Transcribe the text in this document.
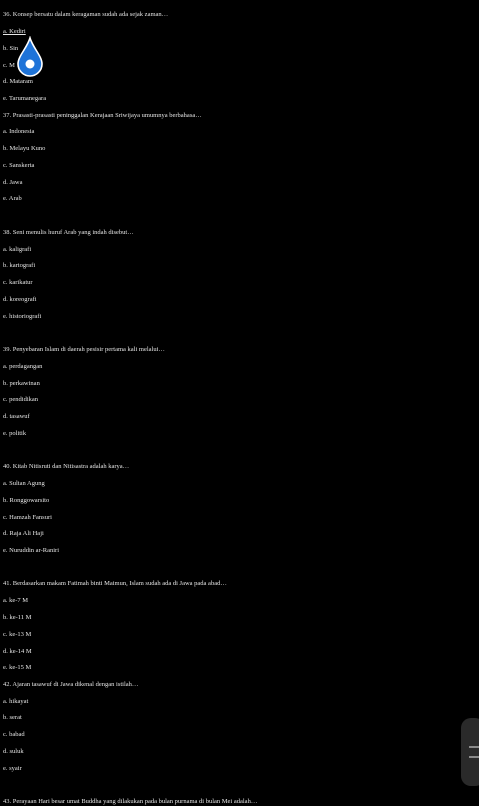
36. Konsep bersatu dalam keragaman sudah ada sejak zaman…
a. Kediri
b. Sin
c. M
d. Mataram
e. Tarumanegara
37. Prasasti-prasasti peninggalan Kerajaan Sriwijaya umumnya berbahasa…
a. Indonesia
b. Melayu Kuno
c. Sanskerta
d. Jawa
e. Arab
38. Seni menulis huruf Arab yang indah disebut…
a. kaligrafi
b. kartografi
c. karikatur
d. koreografi
e. historiografi
39. Penyebaran Islam di daerah pesisir pertama kali melalui…
a. perdagangan
b. perkawinan
c. pendidikan
d. tasawuf
e. politik
40. Kitab Nitisruti dan Nitisastra adalah karya…
a. Sultan Agung
b. Ronggowarsito
c. Hamzah Fansuri
d. Raja Ali Haji
e. Nuruddin ar-Raniri
41. Berdasarkan makam Fatimah binti Maimun, Islam sudah ada di Jawa pada abad…
a. ke-7 M
b. ke-11 M
c. ke-13 M
d. ke-14 M
e. ke-15 M
42. Ajaran tasawuf di Jawa dikenal dengan istilah…
a. hikayat
b. serat
c. babad
d. suluk
e. syair
43. Perayaan Hari besar umat Buddha yang dilakukan pada bulan purnama di bulan Mei adalah…
